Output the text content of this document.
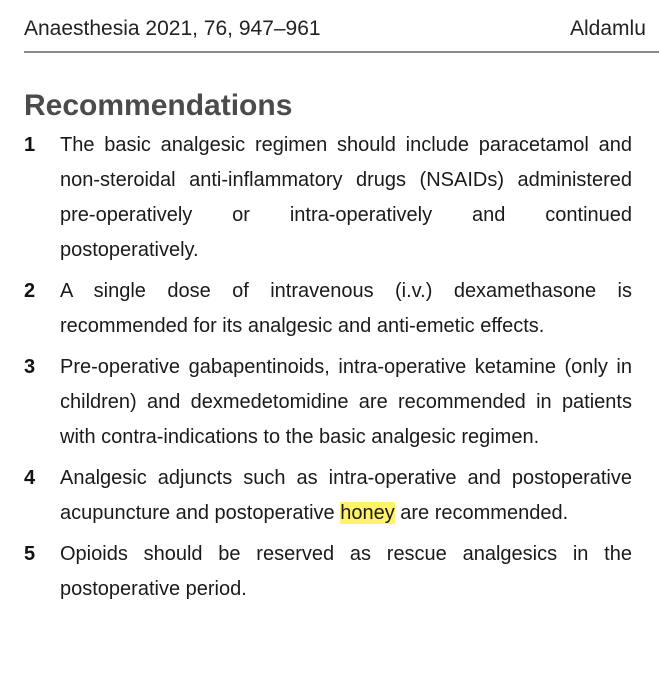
Anaesthesia 2021, 76, 947–961	Aldamlu
Recommendations
1 The basic analgesic regimen should include paracetamol and non-steroidal anti-inflammatory drugs (NSAIDs) administered pre-operatively or intra-operatively and continued postoperatively.
2 A single dose of intravenous (i.v.) dexamethasone is recommended for its analgesic and anti-emetic effects.
3 Pre-operative gabapentinoids, intra-operative ketamine (only in children) and dexmedetomidine are recommended in patients with contra-indications to the basic analgesic regimen.
4 Analgesic adjuncts such as intra-operative and postoperative acupuncture and postoperative honey are recommended.
5 Opioids should be reserved as rescue analgesics in the postoperative period.
